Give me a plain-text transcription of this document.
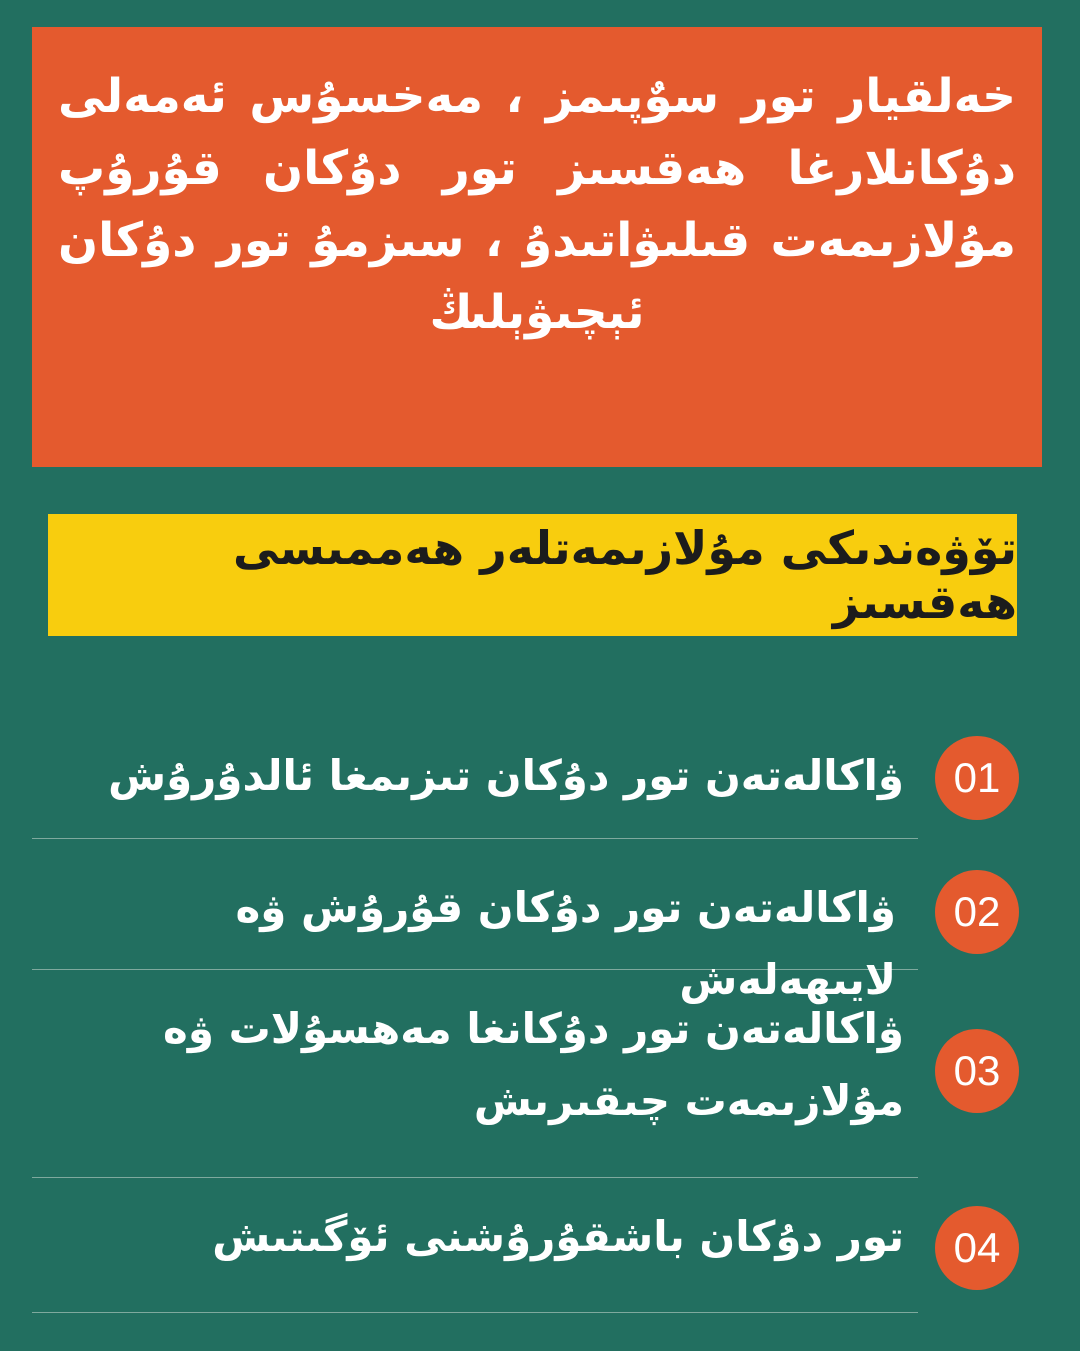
خەلقيار تور سوٌپىمز ، مەخسۇس ئەمەلى دۇكانلارغا ھەقسىز تور دۇكان قۇرۇپ مۇلازىمەت قىلىۋاتىدۇ ، سىزمۇ تور دۇكان ئېچىۋېلىڭ

تۆۋەندىكى مۇلازىمەتلەر ھەممىسى ھەقسىز

ۋاكالەتەن تور دۇكان تىزىمغا ئالدۇرۇش	01

ۋاكالەتەن تور دۇكان قۇرۇش ۋە لايىھەلەش

02

ۋاكالەتەن تور دۇكانغا مەھسۇلات ۋە مۇلازىمەت چىقىرىش

03

تور دۇكان باشقۇرۇشنى ئۆگىتىش	04
